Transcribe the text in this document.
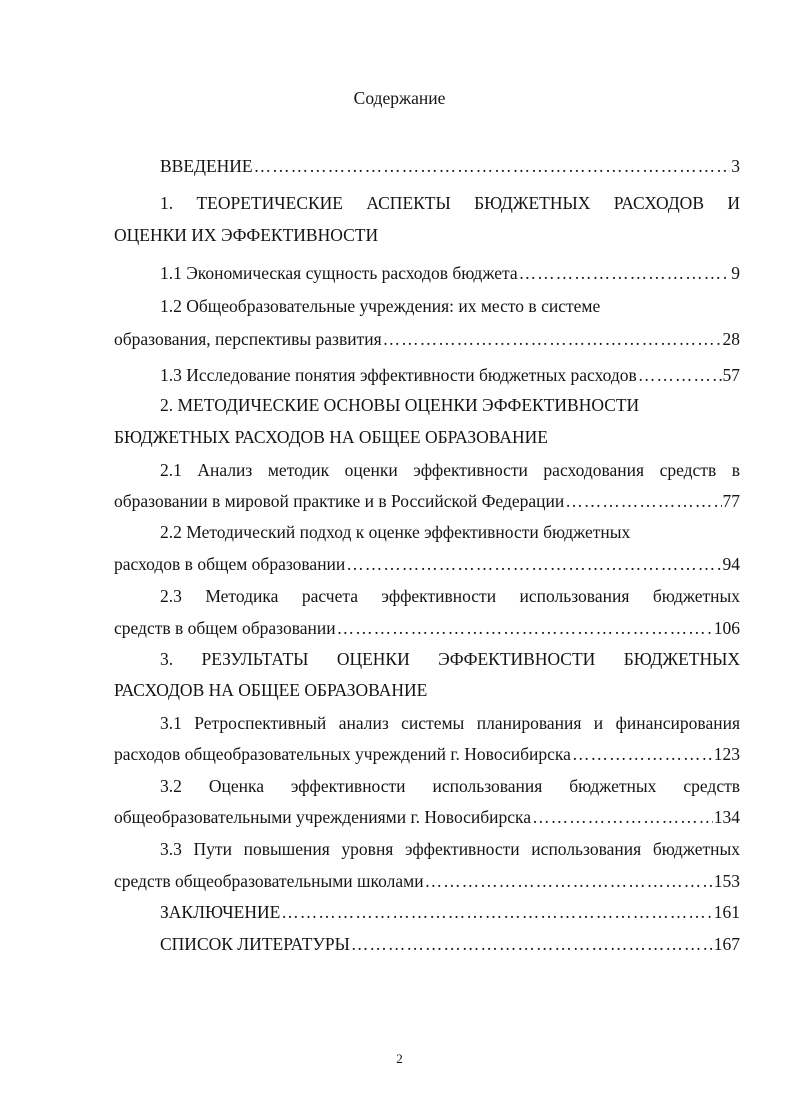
Содержание
ВВЕДЕНИЕ ………………………………………………………………………………………………………………………………………………………………………………	3
1. ТЕОРЕТИЧЕСКИЕ АСПЕКТЫ БЮДЖЕТНЫХ РАСХОДОВ И
ОЦЕНКИ ИХ ЭФФЕКТИВНОСТИ
1.1 Экономическая сущность расходов бюджета ………………………………………………………………………………………………………………………………………………………………………………	9
1.2 Общеобразовательные учреждения: их место в системе
образования, перспективы развития ………………………………………………………………………………………………………………………………………………………………………………	28
1.3 Исследование понятия эффективности бюджетных расходов ………………………………………………………………………………………………………………………………………………………………………………	57
2. МЕТОДИЧЕСКИЕ ОСНОВЫ ОЦЕНКИ ЭФФЕКТИВНОСТИ
БЮДЖЕТНЫХ РАСХОДОВ НА ОБЩЕЕ ОБРАЗОВАНИЕ
2.1 Анализ методик оценки эффективности расходования средств в
образовании в мировой практике и в Российской Федерации ………………………………………………………………………………………………………………………………………………………………………………	77
2.2 Методический подход к оценке эффективности бюджетных
расходов в общем образовании ………………………………………………………………………………………………………………………………………………………………………………	94
2.3 Методика расчета эффективности использования бюджетных
средств в общем образовании ………………………………………………………………………………………………………………………………………………………………………………	106
3. РЕЗУЛЬТАТЫ ОЦЕНКИ ЭФФЕКТИВНОСТИ БЮДЖЕТНЫХ
РАСХОДОВ НА ОБЩЕЕ ОБРАЗОВАНИЕ
3.1 Ретроспективный анализ системы планирования и финансирования
расходов общеобразовательных учреждений г. Новосибирска ………………………………………………………………………………………………………………………………………………………………………………	123
3.2 Оценка эффективности использования бюджетных средств
общеобразовательными учреждениями г. Новосибирска ………………………………………………………………………………………………………………………………………………………………………………	134
3.3 Пути повышения уровня эффективности использования бюджетных
средств общеобразовательными школами ………………………………………………………………………………………………………………………………………………………………………………	153
ЗАКЛЮЧЕНИЕ ………………………………………………………………………………………………………………………………………………………………………………	161
СПИСОК ЛИТЕРАТУРЫ ………………………………………………………………………………………………………………………………………………………………………………	167
2
